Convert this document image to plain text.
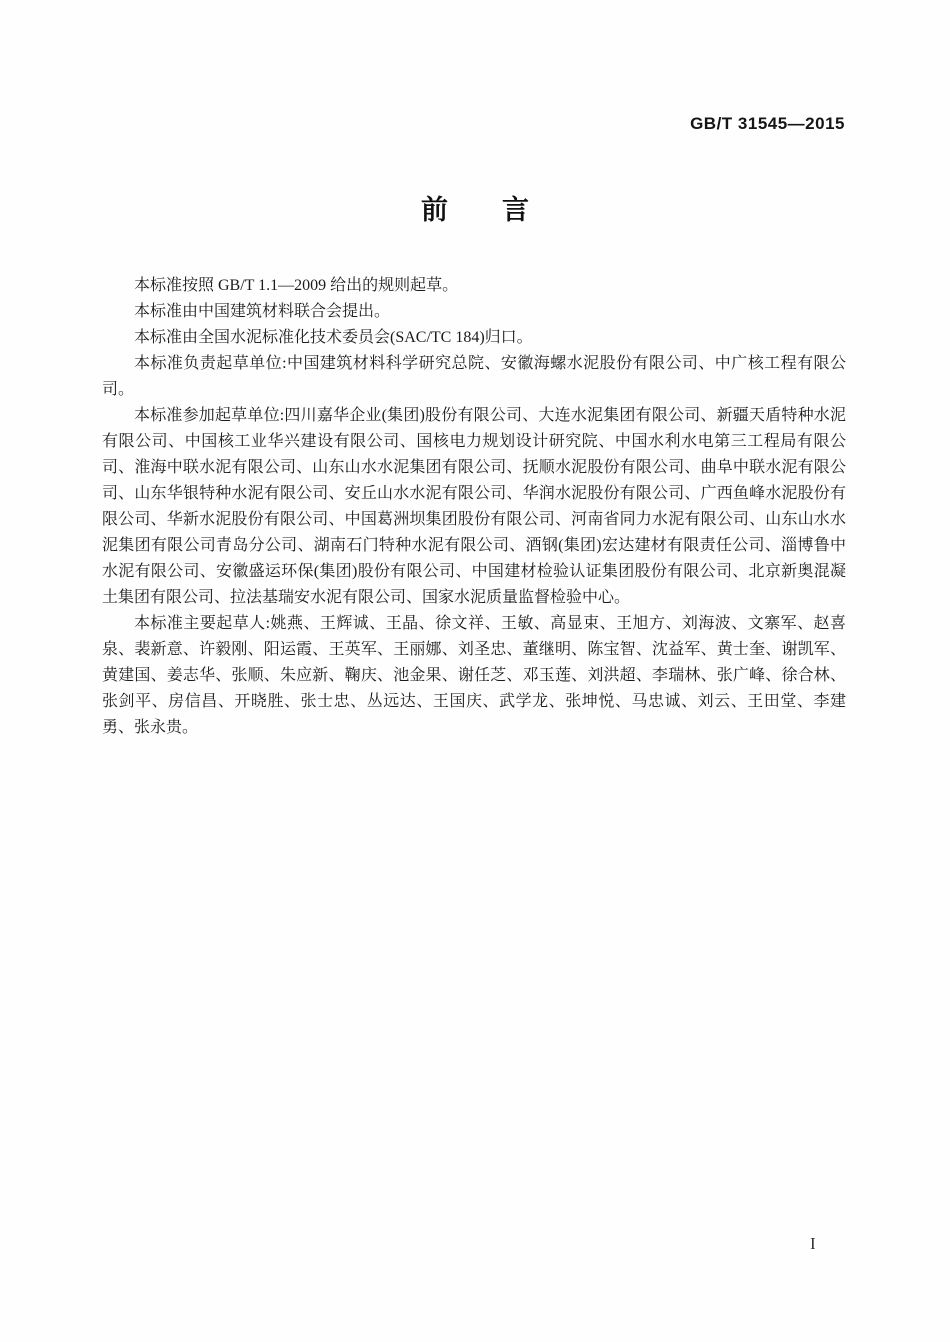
GB/T 31545—2015
前　　言

本标准按照 GB/T 1.1—2009 给出的规则起草。

本标准由中国建筑材料联合会提出。

本标准由全国水泥标准化技术委员会(SAC/TC 184)归口。

本标准负责起草单位:中国建筑材料科学研究总院、安徽海螺水泥股份有限公司、中广核工程有限公司。

本标准参加起草单位:四川嘉华企业(集团)股份有限公司、大连水泥集团有限公司、新疆天盾特种水泥有限公司、中国核工业华兴建设有限公司、国核电力规划设计研究院、中国水利水电第三工程局有限公司、淮海中联水泥有限公司、山东山水水泥集团有限公司、抚顺水泥股份有限公司、曲阜中联水泥有限公司、山东华银特种水泥有限公司、安丘山水水泥有限公司、华润水泥股份有限公司、广西鱼峰水泥股份有限公司、华新水泥股份有限公司、中国葛洲坝集团股份有限公司、河南省同力水泥有限公司、山东山水水泥集团有限公司青岛分公司、湖南石门特种水泥有限公司、酒钢(集团)宏达建材有限责任公司、淄博鲁中水泥有限公司、安徽盛运环保(集团)股份有限公司、中国建材检验认证集团股份有限公司、北京新奥混凝土集团有限公司、拉法基瑞安水泥有限公司、国家水泥质量监督检验中心。

本标准主要起草人:姚燕、王辉诚、王晶、徐文祥、王敏、高显束、王旭方、刘海波、文寨军、赵喜泉、裴新意、许毅刚、阳运霞、王英军、王丽娜、刘圣忠、董继明、陈宝智、沈益军、黄士奎、谢凯军、黄建国、姜志华、张顺、朱应新、鞠庆、池金果、谢任芝、邓玉莲、刘洪超、李瑞林、张广峰、徐合林、张剑平、房信昌、开晓胜、张士忠、丛远达、王国庆、武学龙、张坤悦、马忠诚、刘云、王田堂、李建勇、张永贵。

I
